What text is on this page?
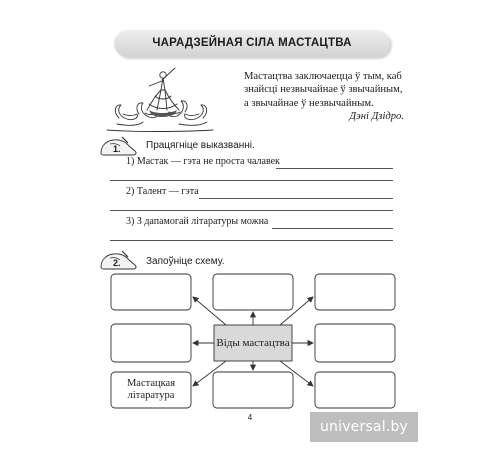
ЧАРАДЗЕЙНАЯ СІЛА МАСТАЦТВА
Мастацтва заключаецца ў тым, каб
знайсці незвычайнае ў звычайным,
а звычайнае ў незвычайным.
Дэні Дзідро.
1.	Працягніце выказванні.
1) Мастак — гэта не проста чалавек
2) Талент — гэта
3) З дапамогай літаратуры можна
2.	Запоўніце схему.
Віды мастацтва
Мастацкая літаратура
4
universal.by
